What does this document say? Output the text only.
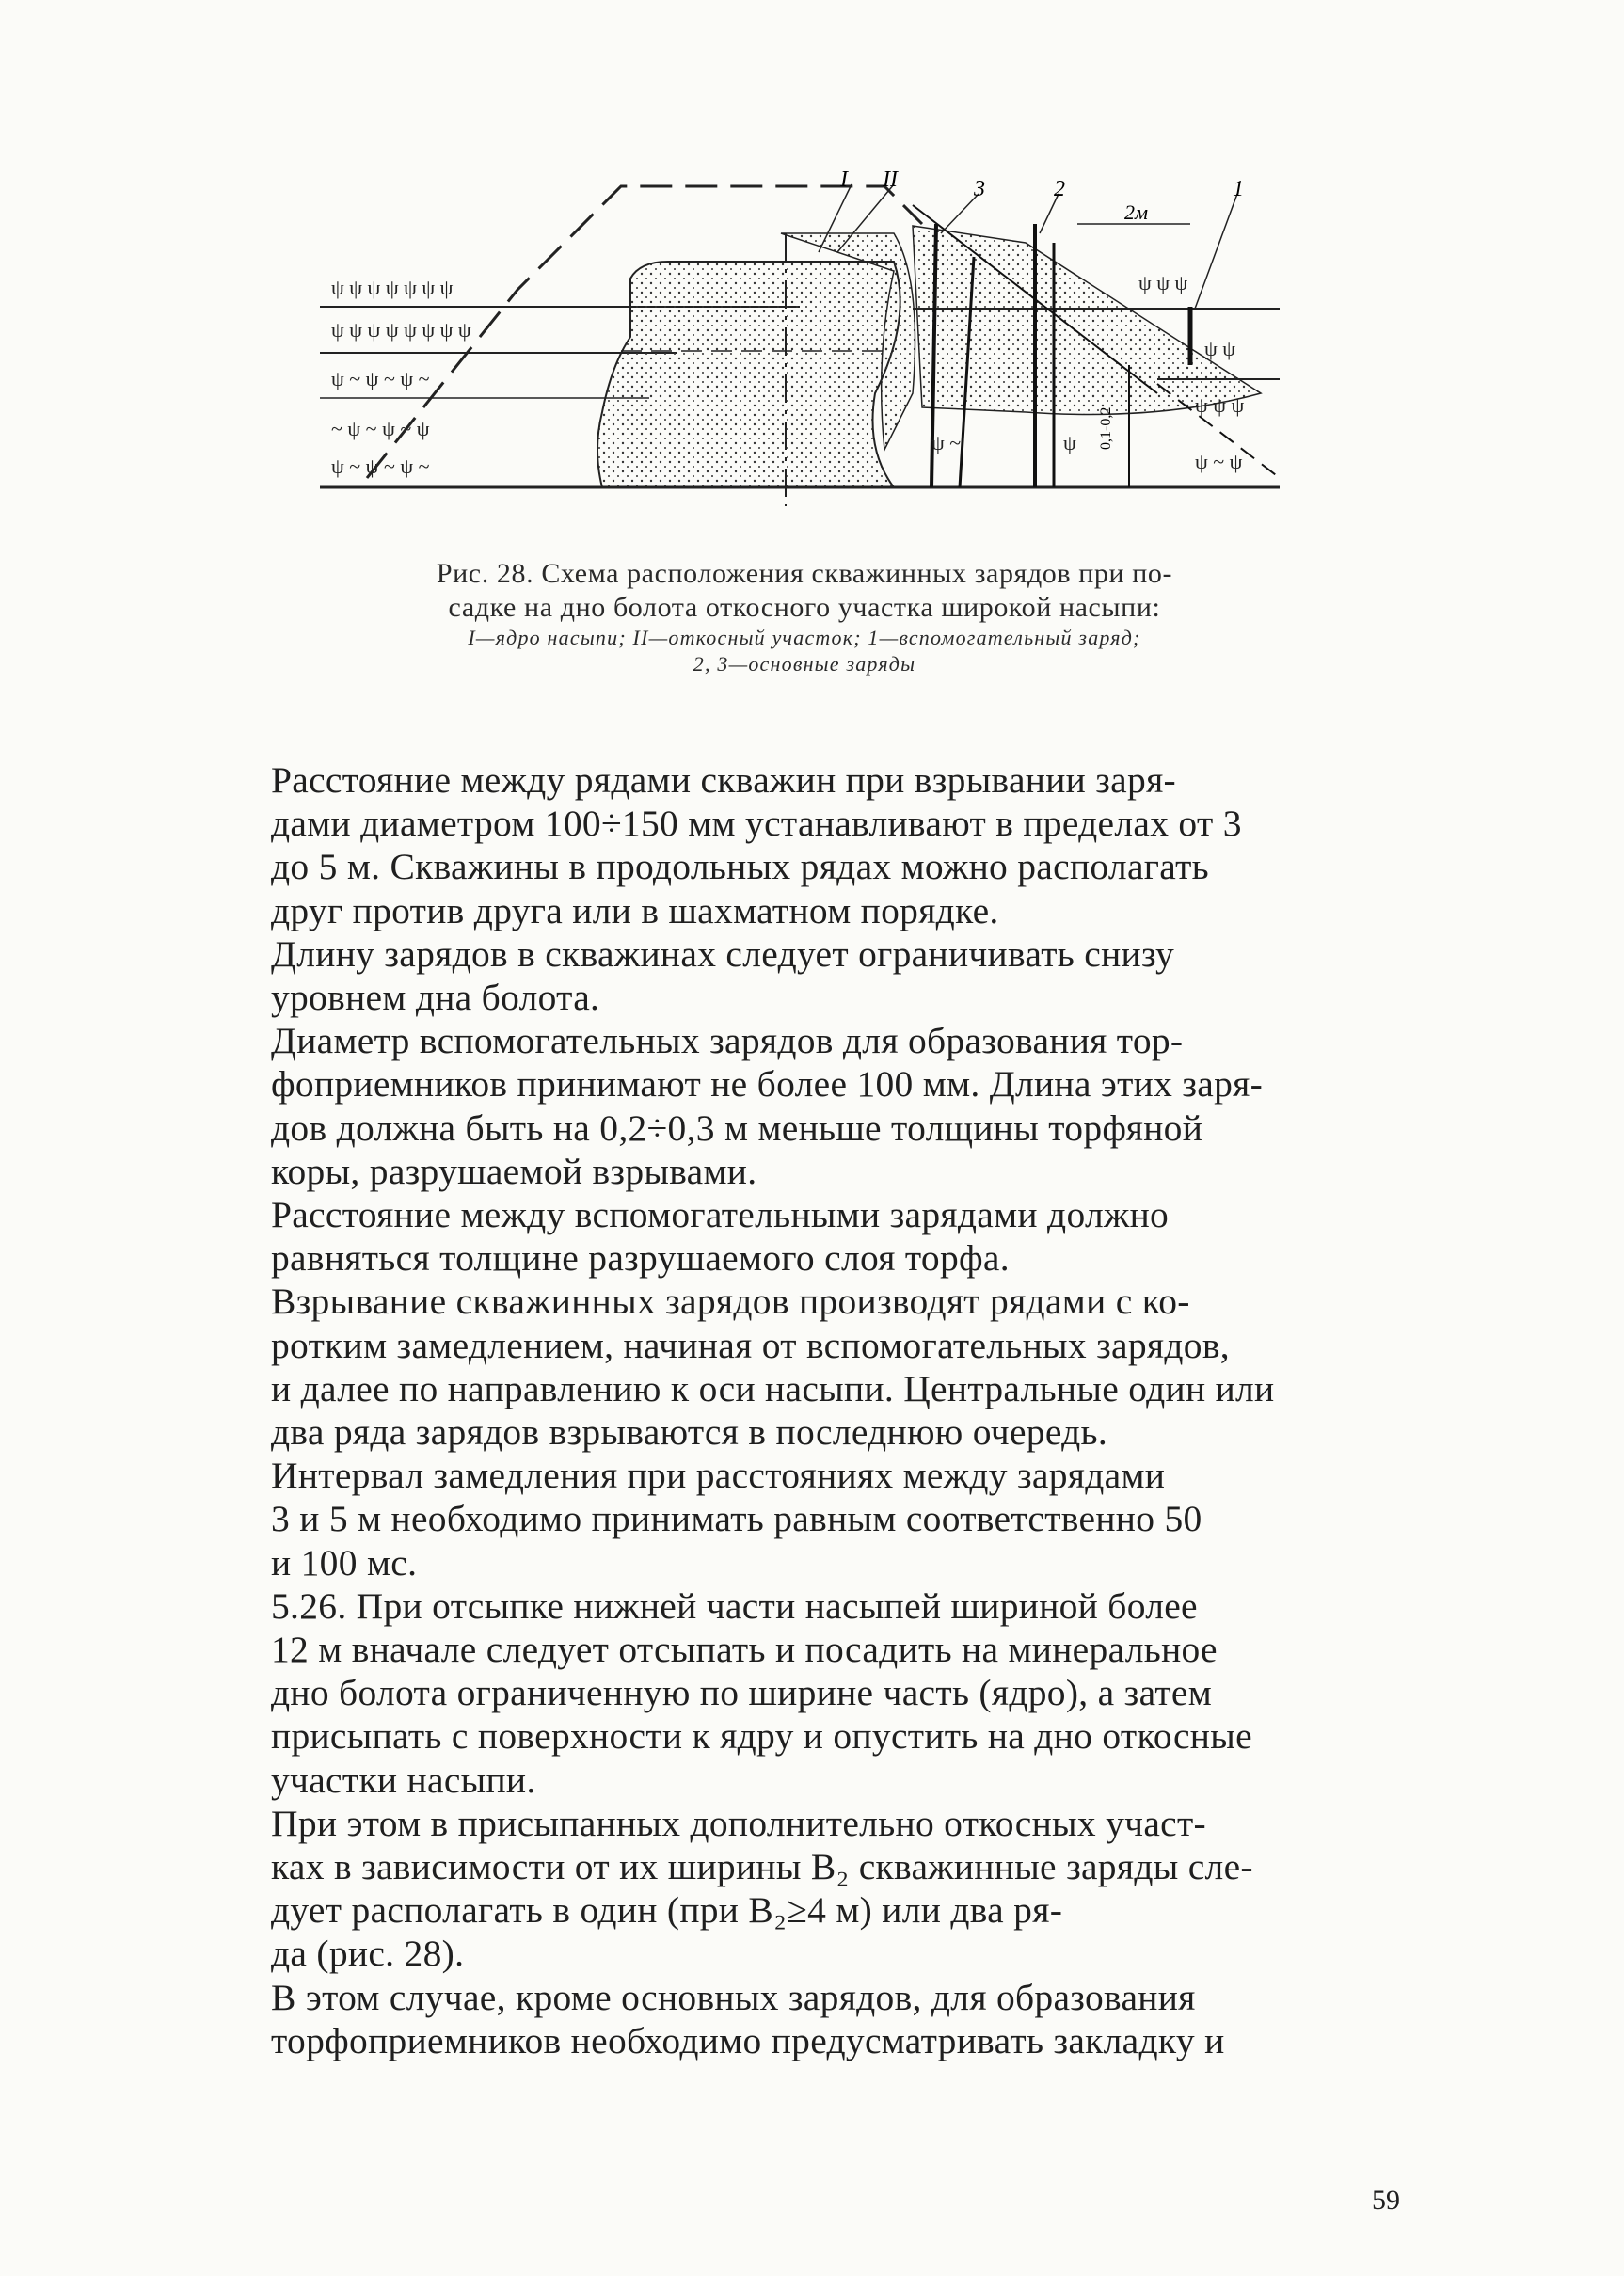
I II	3	2	1
2м
0,1-0,2
ψ ψ ψ ψ ψ ψ ψ
ψ ψ ψ ψ ψ ψ ψ ψ
ψ ~ ψ ~ ψ ~
~ ψ ~ ψ ~ ψ
ψ ~ ψ ~ ψ ~
ψ ~	ψ
ψ ψ ψ
ψ ψ
ψ ψ ψ
ψ ~ ψ
Рис. 28. Схема расположения скважинных зарядов при по-
садке на дно болота откосного участка широкой насыпи:
I—ядро насыпи; II—откосный участок; 1—вспомогательный заряд;
2, 3—основные заряды

Расстояние между рядами скважин при взрывании заря-

дами диаметром 100÷150 мм устанавливают в пределах от 3

до 5 м. Скважины в продольных рядах можно располагать

друг против друга или в шахматном порядке.

Длину зарядов в скважинах следует ограничивать снизу

уровнем дна болота.

Диаметр вспомогательных зарядов для образования тор-

фоприемников принимают не более 100 мм. Длина этих заря-

дов должна быть на 0,2÷0,3 м меньше толщины торфяной

коры, разрушаемой взрывами.

Расстояние между вспомогательными зарядами должно

равняться толщине разрушаемого слоя торфа.

Взрывание скважинных зарядов производят рядами с ко-

ротким замедлением, начиная от вспомогательных зарядов,

и далее по направлению к оси насыпи. Центральные один или

два ряда зарядов взрываются в последнюю очередь.

Интервал замедления при расстояниях между зарядами

3 и 5 м необходимо принимать равным соответственно 50

и 100 мс.

5.26. При отсыпке нижней части насыпей шириной более

12 м вначале следует отсыпать и посадить на минеральное

дно болота ограниченную по ширине часть (ядро), а затем

присыпать с поверхности к ядру и опустить на дно откосные

участки насыпи.

При этом в присыпанных дополнительно откосных участ-

ках в зависимости от их ширины B₂ скважинные заряды сле-

дует располагать в один (при B₂≥4 м) или два ря-

да (рис. 28).

В этом случае, кроме основных зарядов, для образования

торфоприемников необходимо предусматривать закладку и

59
